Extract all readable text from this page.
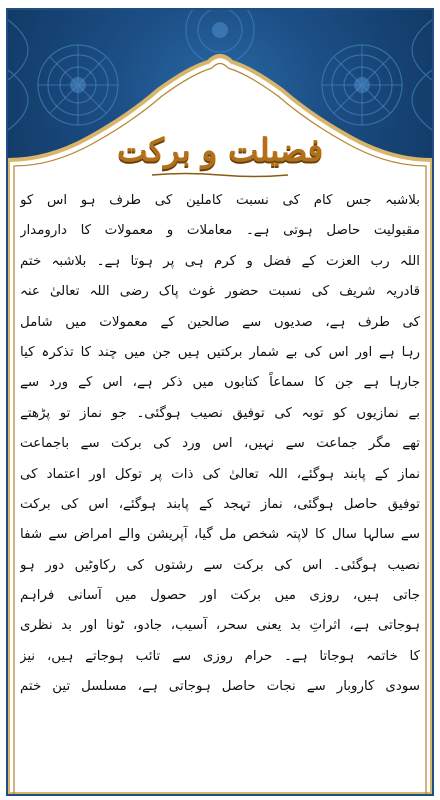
فضیلت و برکت
بلاشبہ جس کام کی نسبت کاملین کی طرف ہو اس کو
مقبولیت حاصل ہوتی ہے۔ معاملات و معمولات کا دارومدار
اللہ رب العزت کے فضل و کرم ہی پر ہوتا ہے۔ بلاشبہ ختم
قادریہ شریف کی نسبت حضور غوث پاک رضی اللہ تعالیٰ عنہ
کی طرف ہے، صدیوں سے صالحین کے معمولات میں شامل
رہا ہے اور اس کی بے شمار برکتیں ہیں جن میں چند کا تذکرہ کیا
جارہا ہے جن کا سماعاً کتابوں میں ذکر ہے، اس کے ورد سے
بے نمازیوں کو توبہ کی توفیق نصیب ہوگئی۔ جو نماز تو پڑھتے
تھے مگر جماعت سے نہیں، اس ورد کی برکت سے باجماعت
نماز کے پابند ہوگئے، اللہ تعالیٰ کی ذات پر توکل اور اعتماد کی
توفیق حاصل ہوگئی، نماز تہجد کے پابند ہوگئے، اس کی برکت
سے سالہا سال کا لاپتہ شخص مل گیا، آپریشن والے امراض سے شفا
نصیب ہوگئی۔ اس کی برکت سے رشتوں کی رکاوٹیں دور ہو
جاتی ہیں، روزی میں برکت اور حصول میں آسانی فراہم
ہوجاتی ہے، اثراتِ بد یعنی سحر، آسیب، جادو، ٹونا اور بد نظری
کا خاتمہ ہوجاتا ہے۔ حرام روزی سے تائب ہوجاتے ہیں، نیز
سودی کاروبار سے نجات حاصل ہوجاتی ہے، مسلسل تین ختم
